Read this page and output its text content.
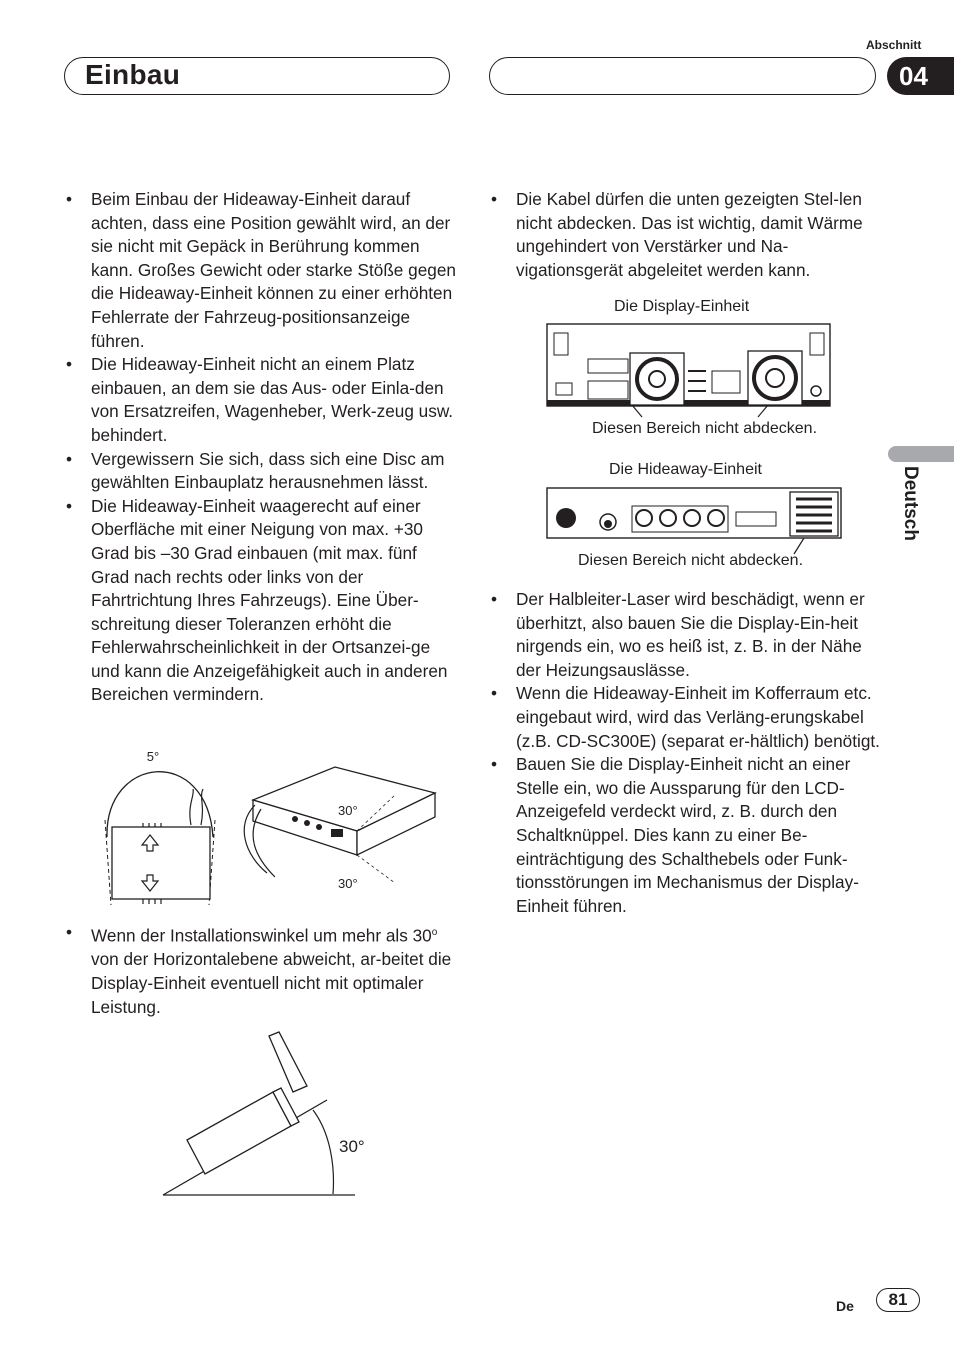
Abschnitt
Einbau	04
Deutsch
• Beim Einbau der Hideaway-Einheit darauf achten, dass eine Position gewählt wird, an der sie nicht mit Gepäck in Berührung kommen kann. Großes Gewicht oder starke Stöße gegen die Hideaway-Einheit können zu einer erhöhten Fehlerrate der Fahrzeug-positionsanzeige führen.
• Die Hideaway-Einheit nicht an einem Platz einbauen, an dem sie das Aus- oder Einla-den von Ersatzreifen, Wagenheber, Werk-zeug usw. behindert.
• Vergewissern Sie sich, dass sich eine Disc am gewählten Einbauplatz herausnehmen lässt.
• Die Hideaway-Einheit waagerecht auf einer Oberfläche mit einer Neigung von max. +30 Grad bis –30 Grad einbauen (mit max. fünf Grad nach rechts oder links von der Fahrtrichtung Ihres Fahrzeugs). Eine Über-schreitung dieser Toleranzen erhöht die Fehlerwahrscheinlichkeit in der Ortsanzei-ge und kann die Anzeigefähigkeit auch in anderen Bereichen vermindern.
5°
30°
30°
• Wenn der Installationswinkel um mehr als 30$^o$ von der Horizontalebene abweicht, ar-beitet die Display-Einheit eventuell nicht mit optimaler Leistung.
30°
• Die Kabel dürfen die unten gezeigten Stel-len nicht abdecken. Das ist wichtig, damit Wärme ungehindert von Verstärker und Na-vigationsgerät abgeleitet werden kann.
Die Display-Einheit
Diesen Bereich nicht abdecken.
Die Hideaway-Einheit
Diesen Bereich nicht abdecken.
• Der Halbleiter-Laser wird beschädigt, wenn er überhitzt, also bauen Sie die Display-Ein-heit nirgends ein, wo es heiß ist, z. B. in der Nähe der Heizungsauslässe.
• Wenn die Hideaway-Einheit im Kofferraum etc. eingebaut wird, wird das Verläng-erungskabel (z.B. CD-SC300E) (separat er-hältlich) benötigt.
• Bauen Sie die Display-Einheit nicht an einer Stelle ein, wo die Aussparung für den LCD-Anzeigefeld verdeckt wird, z. B. durch den Schaltknüppel. Dies kann zu einer Be-einträchtigung des Schalthebels oder Funk-tionsstörungen im Mechanismus der Display-Einheit führen.
De	81
